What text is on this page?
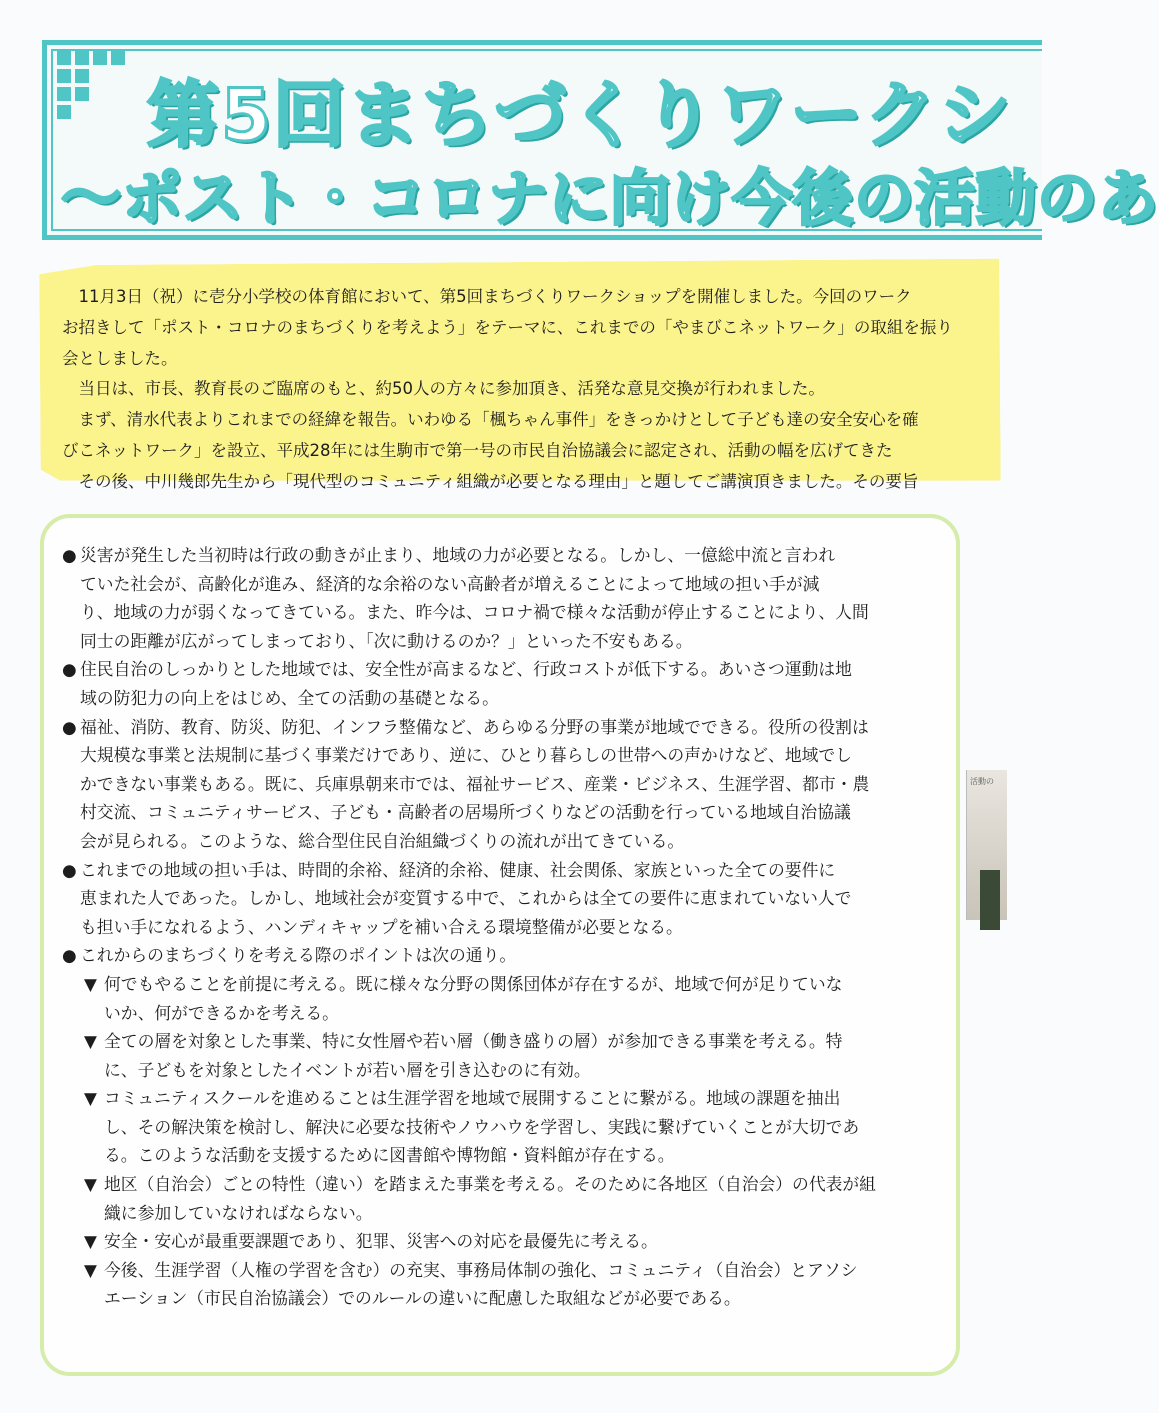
第5回まちづくりワークシ
〜ポスト・コロナに向け今後の活動のあ

　11月3日（祝）に壱分小学校の体育館において、第5回まちづくりワークショップを開催しました。今回のワーク

お招きして「ポスト・コロナのまちづくりを考えよう」をテーマに、これまでの「やまびこネットワーク」の取組を振り

会としました。

　当日は、市長、教育長のご臨席のもと、約50人の方々に参加頂き、活発な意見交換が行われました。

　まず、清水代表よりこれまでの経緯を報告。いわゆる「楓ちゃん事件」をきっかけとして子ども達の安全安心を確

びこネットワーク」を設立、平成28年には生駒市で第一号の市民自治協議会に認定され、活動の幅を広げてきた

　その後、中川幾郎先生から「現代型のコミュニティ組織が必要となる理由」と題してご講演頂きました。その要旨

● 災害が発生した当初時は行政の動きが止まり、地域の力が必要となる。しかし、一億総中流と言われ
ていた社会が、高齢化が進み、経済的な余裕のない高齢者が増えることによって地域の担い手が減
り、地域の力が弱くなってきている。また、昨今は、コロナ禍で様々な活動が停止することにより、人間
同士の距離が広がってしまっており、「次に動けるのか？」といった不安もある。
● 住民自治のしっかりとした地域では、安全性が高まるなど、行政コストが低下する。あいさつ運動は地
域の防犯力の向上をはじめ、全ての活動の基礎となる。
● 福祉、消防、教育、防災、防犯、インフラ整備など、あらゆる分野の事業が地域でできる。役所の役割は
大規模な事業と法規制に基づく事業だけであり、逆に、ひとり暮らしの世帯への声かけなど、地域でし
かできない事業もある。既に、兵庫県朝来市では、福祉サービス、産業・ビジネス、生涯学習、都市・農
村交流、コミュニティサービス、子ども・高齢者の居場所づくりなどの活動を行っている地域自治協議
会が見られる。このような、総合型住民自治組織づくりの流れが出てきている。
● これまでの地域の担い手は、時間的余裕、経済的余裕、健康、社会関係、家族といった全ての要件に
恵まれた人であった。しかし、地域社会が変質する中で、これからは全ての要件に恵まれていない人で
も担い手になれるよう、ハンディキャップを補い合える環境整備が必要となる。
● これからのまちづくりを考える際のポイントは次の通り。
▼ 何でもやることを前提に考える。既に様々な分野の関係団体が存在するが、地域で何が足りていな
いか、何ができるかを考える。
▼ 全ての層を対象とした事業、特に女性層や若い層（働き盛りの層）が参加できる事業を考える。特
に、子どもを対象としたイベントが若い層を引き込むのに有効。
▼ コミュニティスクールを進めることは生涯学習を地域で展開することに繋がる。地域の課題を抽出
し、その解決策を検討し、解決に必要な技術やノウハウを学習し、実践に繋げていくことが大切であ
る。このような活動を支援するために図書館や博物館・資料館が存在する。
▼ 地区（自治会）ごとの特性（違い）を踏まえた事業を考える。そのために各地区（自治会）の代表が組
織に参加していなければならない。
▼ 安全・安心が最重要課題であり、犯罪、災害への対応を最優先に考える。
▼ 今後、生涯学習（人権の学習を含む）の充実、事務局体制の強化、コミュニティ（自治会）とアソシ
エーション（市民自治協議会）でのルールの違いに配慮した取組などが必要である。
活動の
